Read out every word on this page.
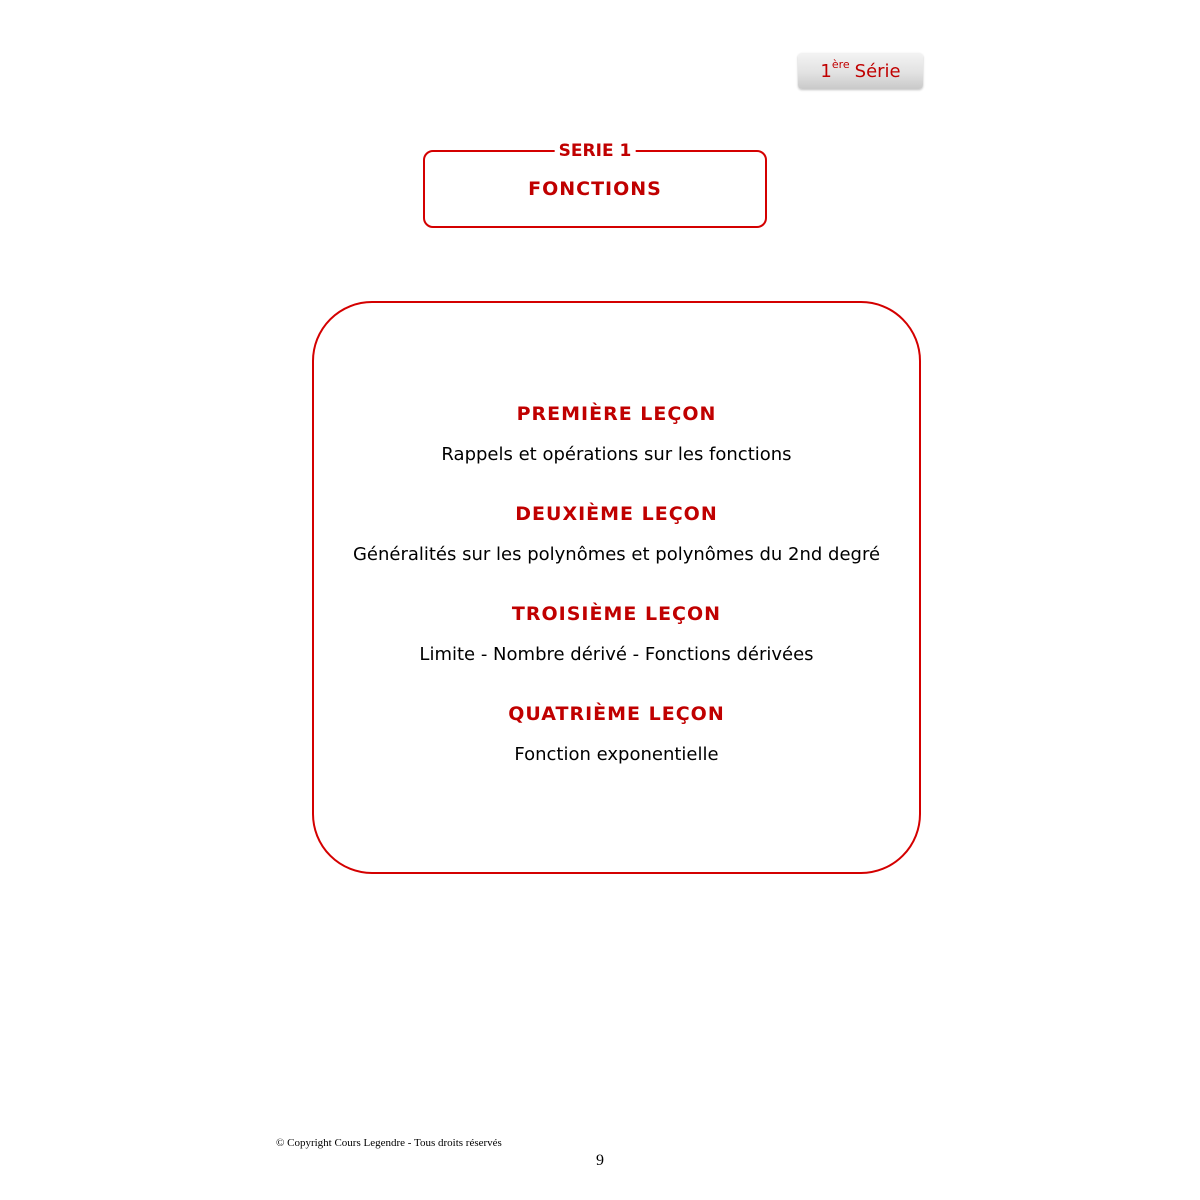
1 ère Série
SERIE 1
FONCTIONS
PREMIÈRE LEÇON
Rappels et opérations sur les fonctions
DEUXIÈME LEÇON
Généralités sur les polynômes et polynômes du 2nd degré
TROISIÈME LEÇON
Limite - Nombre dérivé - Fonctions dérivées
QUATRIÈME LEÇON
Fonction exponentielle
© Copyright Cours Legendre - Tous droits réservés
9
